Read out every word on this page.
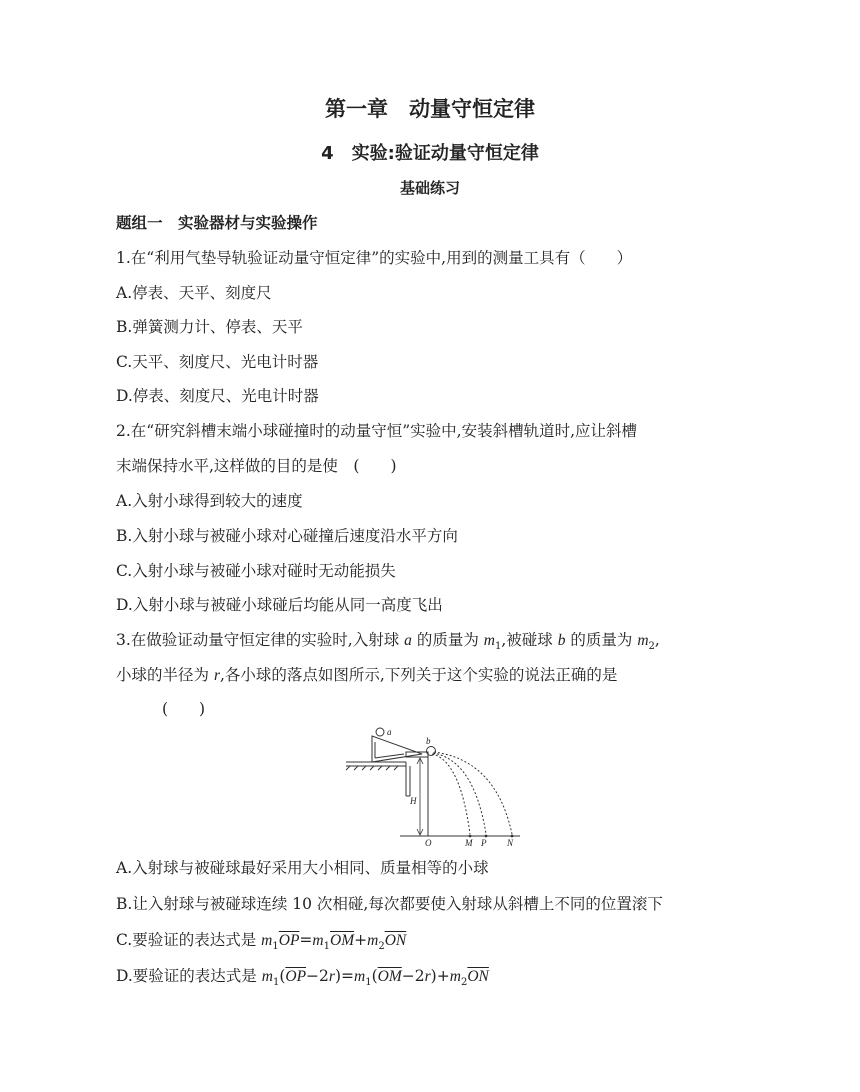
第一章　动量守恒定律
4　实验:验证动量守恒定律
基础练习
题组一　实验器材与实验操作
1.在“利用气垫导轨验证动量守恒定律”的实验中,用到的测量工具有（　　）
A.停表、天平、刻度尺
B.弹簧测力计、停表、天平
C.天平、刻度尺、光电计时器
D.停表、刻度尺、光电计时器
2.在“研究斜槽末端小球碰撞时的动量守恒”实验中,安装斜槽轨道时,应让斜槽
末端保持水平,这样做的目的是使　(　　)
A.入射小球得到较大的速度
B.入射小球与被碰小球对心碰撞后速度沿水平方向
C.入射小球与被碰小球对碰时无动能损失
D.入射小球与被碰小球碰后均能从同一高度飞出
3.在做验证动量守恒定律的实验时,入射球 a 的质量为 $m_1$,被碰球 b 的质量为 $m_2$,
小球的半径为 r,各小球的落点如图所示,下列关于这个实验的说法正确的是
(　　)
a
b
H
O	M P N
A.入射球与被碰球最好采用大小相同、质量相等的小球
B.让入射球与被碰球连续 10 次相碰,每次都要使入射球从斜槽上不同的位置滚下
C.要验证的表达式是 $m_1\overline{OP}=m_1\overline{OM}+m_2\overline{ON}$
D.要验证的表达式是 $m_1(\overline{OP}-2r)=m_1(\overline{OM}-2r)+m_2\overline{ON}$
